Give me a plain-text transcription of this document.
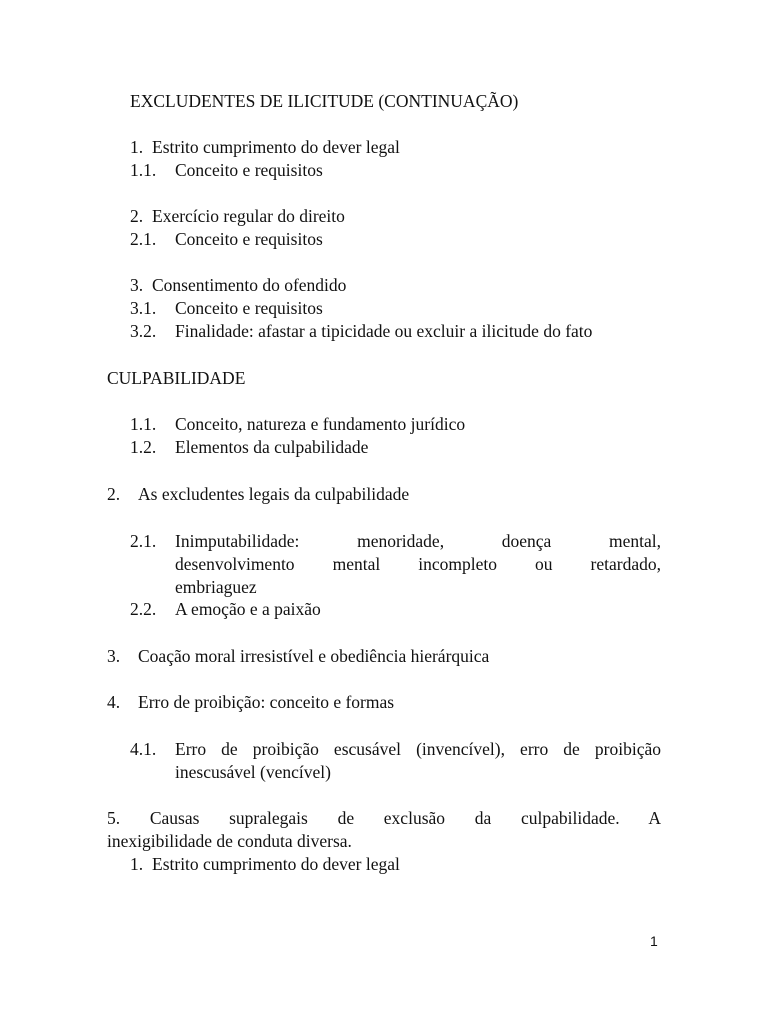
EXCLUDENTES DE ILICITUDE (CONTINUAÇÃO)
1. Estrito cumprimento do dever legal
1.1. Conceito e requisitos
2. Exercício regular do direito
2.1. Conceito e requisitos
3. Consentimento do ofendido
3.1. Conceito e requisitos
3.2. Finalidade: afastar a tipicidade ou excluir a ilicitude do fato
CULPABILIDADE
1.1. Conceito, natureza e fundamento jurídico
1.2. Elementos da culpabilidade
2. As excludentes legais da culpabilidade
2.1. Inimputabilidade: menoridade, doença mental,
desenvolvimento mental incompleto ou retardado,
embriaguez
2.2. A emoção e a paixão
3. Coação moral irresistível e obediência hierárquica
4. Erro de proibição: conceito e formas
4.1. Erro de proibição escusável (invencível), erro de proibição
inescusável (vencível)
5. Causas supralegais de exclusão da culpabilidade. A
inexigibilidade de conduta diversa.
1. Estrito cumprimento do dever legal
1
